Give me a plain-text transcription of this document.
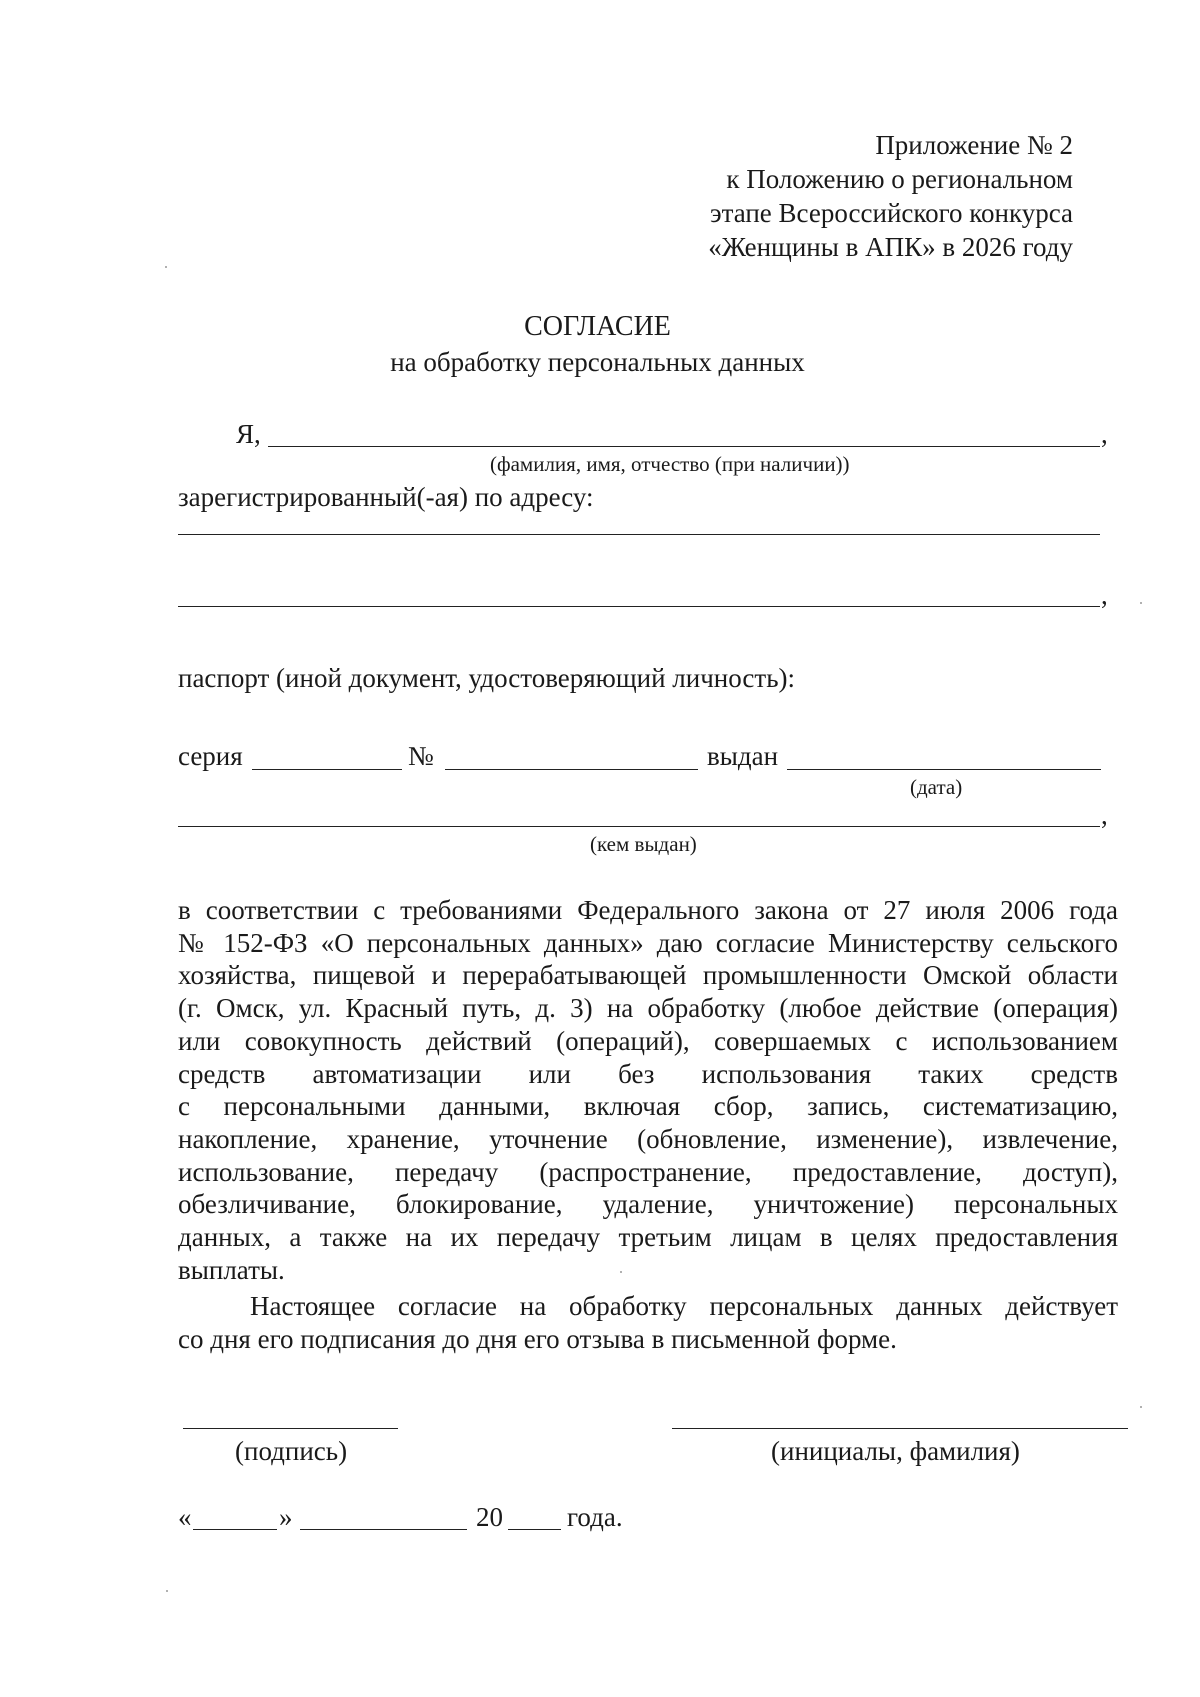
Приложение № 2
к Положению о региональном
этапе Всероссийского конкурса
«Женщины в АПК» в 2026 году
СОГЛАСИЕ
на обработку персональных данных
Я,	,
(фамилия, имя, отчество (при наличии))
зарегистрированный(-ая) по адресу:
,
паспорт (иной документ, удостоверяющий личность):
серия	№	выдан
(дата)
,
(кем выдан)
в соответствии с требованиями Федерального закона от 27 июля 2006 года
№ 152-ФЗ «О персональных данных» даю согласие Министерству сельского
хозяйства, пищевой и перерабатывающей промышленности Омской области
(г. Омск, ул. Красный путь, д. 3) на обработку (любое действие (операция)
или совокупность действий (операций), совершаемых с использованием
средств автоматизации или без использования таких средств
с персональными данными, включая сбор, запись, систематизацию,
накопление, хранение, уточнение (обновление, изменение), извлечение,
использование, передачу (распространение, предоставление, доступ),
обезличивание, блокирование, удаление, уничтожение) персональных
данных, а также на их передачу третьим лицам в целях предоставления
выплаты.
Настоящее согласие на обработку персональных данных действует
со дня его подписания до дня его отзыва в письменной форме.
(подпись)	(инициалы, фамилия)
«	»	20 года.
